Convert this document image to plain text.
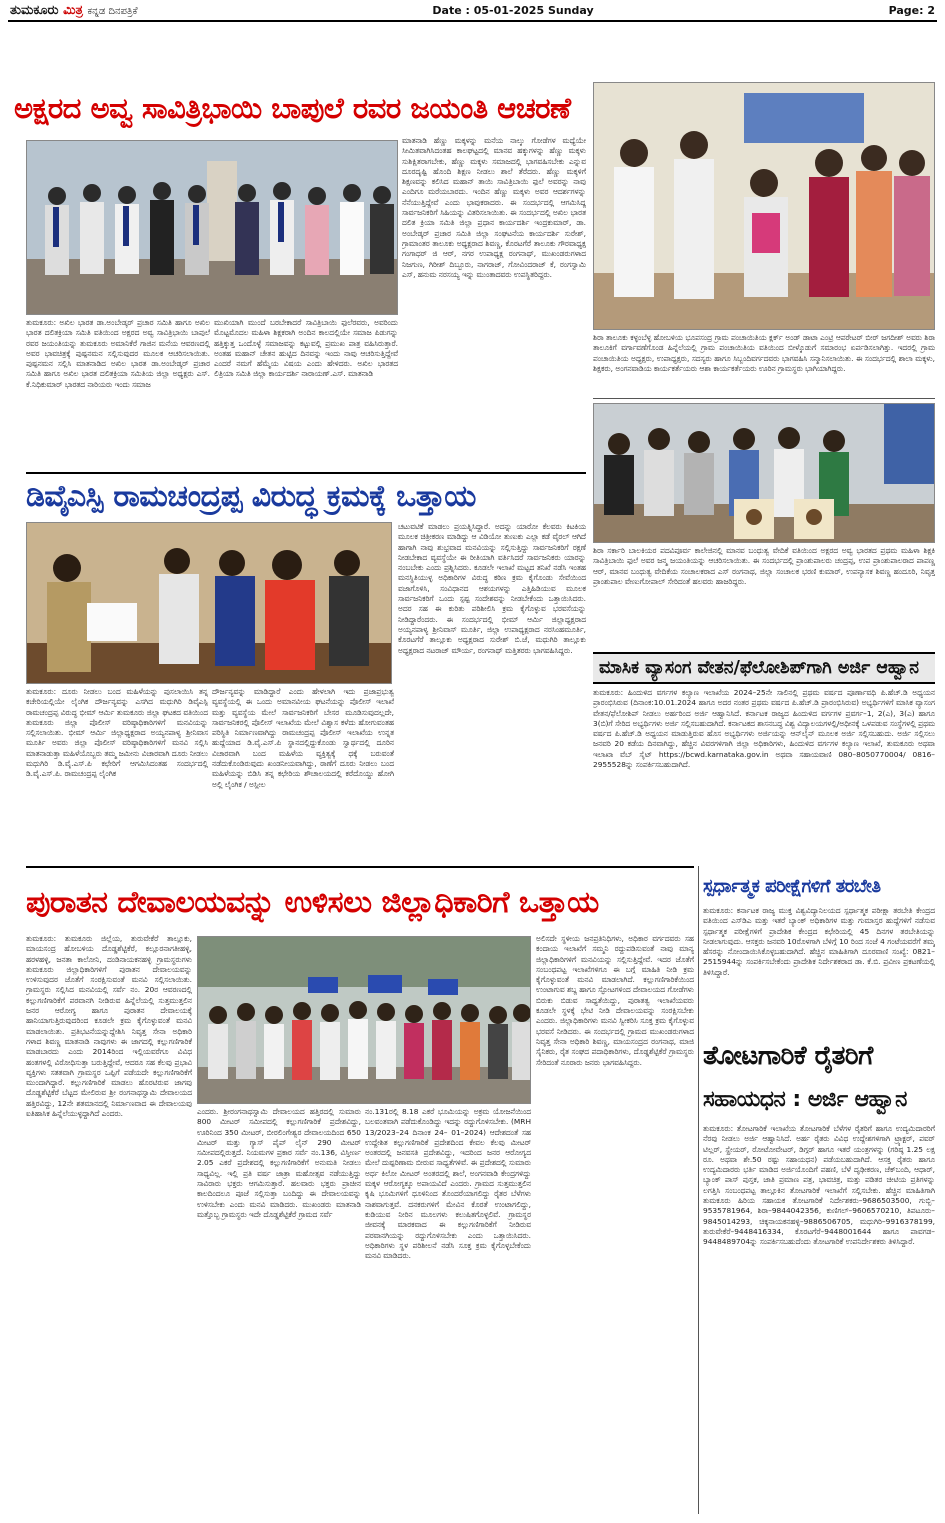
ತುಮಕೂರು ಮಿತ್ರ ಕನ್ನಡ ದಿನಪತ್ರಿಕೆ	Date : 05-01-2025 Sunday	Page: 2
ಅಕ್ಷರದ ಅವ್ವ ಸಾವಿತ್ರಿಭಾಯಿ ಬಾಪುಲೆ ರವರ ಜಯಂತಿ ಆಚರಣೆ
ತುಮಕೂರು: ಅಖಿಲ ಭಾರತ ಡಾ.ಅಂಬೇಡ್ಕರ್ ಪ್ರಚಾರ ಸಮಿತಿ ಹಾಗೂ ಅಖಿಲ ಭಾರತ ದಲಿತಕ್ರಿಯಾ ಸಮಿತಿ ವತಿಯಿಂದ ಅಕ್ಷರದ ಅವ್ವ ಸಾವಿತ್ರಿಭಾಯಿ ಬಾಪುಲೆ ರವರ ಜಯಂತಿಯನ್ನು ತುಮಕೂರು ಅಮಾನಿಕೆರೆ ಗಾಜಿನ ಮನೆಯ ಆವರಣದಲ್ಲಿ ಅವರ ಭಾವಚಿತ್ರಕ್ಕೆ ಪುಷ್ಪನಮನ ಸಲ್ಲಿಸುವುದರ ಮೂಲಕ ಆಚರಿಸಲಾಯಿತು. ಪುಷ್ಪನಮನ ಸಲ್ಲಿಸಿ ಮಾತನಾಡಿದ ಅಖಿಲ ಭಾರತ ಡಾ.ಅಂಬೇಡ್ಕರ್ ಪ್ರಚಾರ ಸಮಿತಿ ಹಾಗೂ ಅಖಿಲ ಭಾರತ ದಲಿತಕ್ರಿಯಾ ಸಮಿತಿಯ ಜಿಲ್ಲಾ ಅಧ್ಯಕ್ಷರು ಎಸ್. ಕೆ.ನಿಧಿಕುಮಾರ್ ಭಾರತದ ನಾರಿಯರು ಇಂದು ಸಮಾಜ
ಮುಖಿಯಾಗಿ ಮುಂದೆ ಬರಬೇಕಾದರೆ ಸಾವಿತ್ರಿಬಾಯಿ ಫುಲೆರವರು, ಅವರಿಂದು ಮೊಟ್ಟಮೊದಲ ಮಹಿಳಾ ಶಿಕ್ಷಕರಾಗಿ ಅಂದಿನ ಕಾಲದಲ್ಲಿಯೇ ಸಮಾಜ ಪಿಡುಗನ್ನು ಹತ್ತಿಕ್ಕುತ್ತ ಒಂದೊಳ್ಳೆ ಸಮಾಜವನ್ನು ಕಟ್ಟುವಲ್ಲಿ ಪ್ರಮುಖ ಪಾತ್ರ ವಹಿಸಿರುತ್ತಾರೆ. ಅಂತಹ ಮಹಾನ್ ಚೇತನ ಹುಟ್ಟಿದ ದಿನವನ್ನು ಇಂದು ನಾವು ಆಚರಿಸುತ್ತಿದ್ದೇವೆ ಎಂದರೆ ನಮಗೆ ಹೆಮ್ಮೆಯ ವಿಷಯ ಎಂದು ಹೇಳಿದರು. ಅಖಿಲ ಭಾರತದ ಲಿತ್ರಿಯಾ ಸಮಿತಿ ಜಿಲ್ಲಾ ಕಾರ್ಯದರ್ಶಿ ನಾರಾಯಣ್.ಎಸ್. ಮಾತನಾಡಿ
ಮಾತನಾಡಿ ಹೆಣ್ಣು ಮಕ್ಕಳನ್ನು ಮನೆಯ ನಾಲ್ಕು ಗೋಡೆಗಳ ಮಧ್ಯೆಯೇ ಸೀಮಿತವಾಗಿಸಿದಂತಹ ಕಾಲಘಟ್ಟದಲ್ಲಿ ಮಾನವ ಹಕ್ಕುಗಳನ್ನು ಹೆಣ್ಣು ಮಕ್ಕಳು ಸುಶಿಕ್ಷಿತರಾಗಬೇಕು, ಹೆಣ್ಣು ಮಕ್ಕಳು ಸಮಾಜದಲ್ಲಿ ಭಾಗವಹಿಸಬೇಕು ಎನ್ನುವ ದೂರದೃಷ್ಟಿ ಹೊಂದಿ ಶಿಕ್ಷಣ ನೀಡಲು ಶಾಲೆ ತೆರೆದರು. ಹೆಣ್ಣು ಮಕ್ಕಳಿಗೆ ಶಿಕ್ಷಣವನ್ನು ಕಲಿಸಿದ ಮಹಾನ್ ತಾಯಿ ಸಾವಿತ್ರಿಬಾಯಿ ಫುಲೆ ಅವರನ್ನು ನಾವು ಎಂದಿಗೂ ಮರೆಯಬಾರದು. ಇಂದಿನ ಹೆಣ್ಣು ಮಕ್ಕಳು ಅವರ ಆದರ್ಶಗಳನ್ನು ನೆನೆಯುತ್ತಿದ್ದೇವೆ ಎಂದು ಭಾವುಕರಾದರು. ಈ ಸಂದರ್ಭದಲ್ಲಿ ಆಗಮಿಸಿದ್ದ ಸಾರ್ವಜನಿಕರಿಗೆ ಸಿಹಿಯನ್ನು ವಿತರಿಸಲಾಯಿತು. ಈ ಸಂದರ್ಭದಲ್ಲಿ ಅಖಿಲ ಭಾರತ ದಲಿತ ಕ್ರಿಯಾ ಸಮಿತಿ ಜಿಲ್ಲಾ ಪ್ರಧಾನ ಕಾರ್ಯದರ್ಶಿ ಇಂದ್ರಕುಮಾರ್, ಡಾ. ಅಂಬೇಡ್ಕರ್ ಪ್ರಚಾರ ಸಮಿತಿ ಜಿಲ್ಲಾ ಸಂಘಟನೆಯ ಕಾರ್ಯದರ್ಶಿ ಸುರೇಶ್, ಗ್ರಾಮಾಂತರ ತಾಲೂಕು ಅಧ್ಯಕ್ಷರಾದ ಶಿವಣ್ಣ, ಕೊರಟಗೆರೆ ತಾಲೂಕು ಗೌರವಾಧ್ಯಕ್ಷ ಗಂಗಾಧರ್ ಜಿ ಆರ್, ನಗರ ಉಪಾಧ್ಯಕ್ಷ ರಂಗನಾಥ್, ಮುಖಂಡರುಗಳಾದ ನಿಜಗುಣ, ಗಿರೀಶ್ ದಿಬ್ಬೂರು, ನಾಗರಾಜ್, ಗೋವಿಂದರಾಜ್ ಕೆ, ರಂಗಸ್ವಾಮಿ ಎಸ್, ಹನುಮ ನರಸಯ್ಯ ಇನ್ನು ಮುಂತಾದವರು ಉಪಸ್ಥಿತರಿದ್ದರು.
ಶಿರಾ ತಾಲೂಕು ಕಳ್ಳಂಬೆಳ್ಳ ಹೋಬಳಿಯ ಭೂಪಸಂದ್ರ ಗ್ರಾಮ ಪಂಚಾಯಿತಿಯ ಕ್ಲರ್ಕ್ ಅಂಡ್ ಡಾಟಾ ಎಂಟ್ರಿ ಆಪರೇಟರ್ ಬೀರ್ ಜಗದೀಶ್ ಅವರು ಶಿರಾ ತಾಲೂಕಿಗೆ ವರ್ಗಾವಣೆಗೊಂಡ ಹಿನ್ನೆಲೆಯಲ್ಲಿ ಗ್ರಾಮ ಪಂಚಾಯಿತಿಯ ವತಿಯಿಂದ ಬೀಳ್ಕೊಡುಗೆ ಸಮಾರಂಭ ಏರ್ಪಡಿಸಲಾಗಿತ್ತು. ಇದರಲ್ಲಿ ಗ್ರಾಮ ಪಂಚಾಯಿತಿಯ ಅಧ್ಯಕ್ಷರು, ಉಪಾಧ್ಯಕ್ಷರು, ಸದಸ್ಯರು ಹಾಗೂ ಸಿಬ್ಬಂದಿವರ್ಗದವರು ಭಾಗವಹಿಸಿ ಸನ್ಮಾನಿಸಲಾಯಿತು. ಈ ಸಂದರ್ಭದಲ್ಲಿ ಶಾಲಾ ಮಕ್ಕಳು, ಶಿಕ್ಷಕರು, ಅಂಗನವಾಡಿಯ ಕಾರ್ಯಕರ್ತೆಯರು ಆಶಾ ಕಾರ್ಯಕರ್ತೆಯರು ಊರಿನ ಗ್ರಾಮಸ್ಥರು ಭಾಗಿಯಾಗಿದ್ದರು.
ಶಿರಾ ಸರ್ಕಾರಿ ಬಾಲಕಿಯರ ಪದವಿಪೂರ್ವ ಕಾಲೇಜಿನಲ್ಲಿ ಮಾನವ ಬಂಧುತ್ವ ವೇದಿಕೆ ವತಿಯಿಂದ ಅಕ್ಷರದ ಅವ್ವ ಭಾರತದ ಪ್ರಥಮ ಮಹಿಳಾ ಶಿಕ್ಷಕಿ ಸಾವಿತ್ರಿಬಾಯಿ ಫುಲೆ ಅವರ ಜನ್ಮ ಜಯಂತಿಯನ್ನು ಆಚರಿಸಲಾಯಿತು. ಈ ಸಂದರ್ಭದಲ್ಲಿ ಪ್ರಾಂಶುಪಾಲರು ಚಂದ್ರಪ್ಪ, ಉಪ ಪ್ರಾಂಶುಪಾಲರಾದ ಪಾಪಣ್ಣ ಆರ್, ಮಾನವ ಬಂಧುತ್ವ ವೇದಿಕೆಯ ಸಂಚಾಲಕರಾದ ಎಸ್ ರಂಗನಾಥ, ಜಿಲ್ಲಾ ಸಂಚಾಲಕ ಭರಣಿ ಕುಮಾರ್, ಉಪನ್ಯಾಸಕ ಶಿವಣ್ಣ ಹಂದೂರಿ, ನಿವೃತ್ತ ಪ್ರಾಂಶುಪಾಲ ವೇಣುಗೋಪಾಲ್ ಸೇರಿದಂತೆ ಹಲವರು ಹಾಜರಿದ್ದರು.
ಡಿವೈಎಸ್ಪಿ ರಾಮಚಂದ್ರಪ್ಪ ವಿರುದ್ಧ ಕ್ರಮಕ್ಕೆ ಒತ್ತಾಯ
ತುಮಕೂರು: ದೂರು ನೀಡಲು ಬಂದ ಮಹಿಳೆಯನ್ನು ಪುಸಲಾಯಿಸಿ ತನ್ನ ಕಚೇರಿಯಲ್ಲಿಯೇ ಲೈಂಗಿಕ ದೌರ್ಜನ್ಯವನ್ನು ಎಸಗಿದ ಮಧುಗಿರಿ ಡಿವೈಎಸ್ಪಿ ರಾಮಚಂದ್ರಪ್ಪ ವಿರುದ್ಧ ಭೀಮ್ ಆರ್ಮಿ ತುಮಕೂರು ಜಿಲ್ಲಾ ಘಟಕದ ವತಿಯಿಂದ ತುಮಕೂರು ಜಿಲ್ಲಾ ಪೊಲೀಸ್ ವರಿಷ್ಠಾಧಿಕಾರಿಗಳಿಗೆ ಮನವಿಯನ್ನು ಸಲ್ಲಿಸಲಾಯಿತು. ಭೀಮ್ ಆರ್ಮಿ ಜಿಲ್ಲಾಧ್ಯಕ್ಷರಾದ ಅಯ್ಯನಪಾಳ್ಯ ಶ್ರೀನಿವಾಸ ಮೂರ್ತಿ ಅವರು ಜಿಲ್ಲಾ ಪೊಲೀಸ್ ವರಿಷ್ಠಾಧಿಕಾರಿಗಳಿಗೆ ಮನವಿ ಸಲ್ಲಿಸಿ ಮಾತನಾಡುತ್ತಾ ಮಹಿಳೆಯೊಬ್ಬರು ತಮ್ಮ ಜಮೀನು ವಿಚಾರವಾಗಿ ದೂರು ನೀಡಲು ಮಧುಗಿರಿ ಡಿ.ವೈ.ಎಸ್.ಪಿ ಕಛೇರಿಗೆ ಆಗಮಿಸಿದಂತಹ ಸಂದರ್ಭದಲ್ಲಿ ಡಿ.ವೈ.ಎಸ್.ಪಿ. ರಾಮಚಂದ್ರಪ್ಪ ಲೈಂಗಿಕ
ದೌರ್ಜನ್ಯವನ್ನು ಮಾಡಿದ್ದಾರೆ ಎಂದು ಹೇಳಲಾಗಿ ಇದು ಪ್ರಜಾಪ್ರಭುತ್ವ ವ್ಯವಸ್ಥೆಯಲ್ಲಿ ಈ ಒಂದು ಅಮಾನವೀಯ ಘಟನೆಯನ್ನು ಪೊಲೀಸ್ ಇಲಾಖೆ ಮತ್ತು ವ್ಯವಸ್ಥೆಯ ಮೇಲೆ ಸಾರ್ವಜನಿಕರಿಗೆ ಬೇಸರ ಮೂಡಿಸುವುದಲ್ಲದೇ, ಸಾರ್ವಜನಿಕರಲ್ಲಿ ಪೊಲೀಸ್ ಇಲಾಖೆಯ ಮೇಲೆ ವಿಶ್ವಾಸ ಕಳೆದು ಹೋಗುವಂತಹ ಪರಿಸ್ಥಿತಿ ನಿರ್ಮಾಣವಾಗಿದ್ದು ರಾಮಚಂದ್ರಪ್ಪ ಪೊಲೀಸ್ ಇಲಾಖೆಯ ಉನ್ನತ ಹುದ್ದೆಯಾದ ಡಿ.ವೈ.ಎಸ್.ಪಿ ಸ್ಥಾನದಲ್ಲಿದ್ದುಕೊಂಡು ಸ್ವಾರ್ಥದಲ್ಲಿ ದೂರಿನ ವಿಚಾರವಾಗಿ ಬಂದ ಮಹಿಳೆಯ ವ್ಯಕ್ತಿತ್ವಕ್ಕೆ ಧಕ್ಕೆ ಬರುವಂತೆ ನಡೆದುಕೊಂಡಿರುವುದು ಖಂಡನೀಯವಾಗಿದ್ದು, ಠಾಣೆಗೆ ದೂರು ನೀಡಲು ಬಂದ ಮಹಿಳೆಯನ್ನು ಬಿಡಿಸಿ ತನ್ನ ಕಛೇರಿಯ ಶೌಚಾಲಯದಲ್ಲಿ ಕರೆದೊಯ್ದು ಹೋಗಿ ಅಲ್ಲಿ ಲೈಂಗಿಕ / ಅಸ್ಲೀಲ
ಚಟುವಟಿಕೆ ಮಾಡಲು ಪ್ರಯತ್ನಿಸಿದ್ದಾರೆ. ಅದನ್ನು ಯಾರೋ ಕೆಲವರು ಕಿಟಕಿಯ ಮೂಲಕ ಚಿತ್ರೀಕರಣ ಮಾಡಿದ್ದು ಆ ವಿಡಿಯೋ ತುಣುಕು ಎಲ್ಲಾ ಕಡೆ ವೈರಲ್ ಆಗಿದೆ ಹಾಗಾಗಿ ನಾವು ಶುಭ್ರವಾದ ಮನವಿಯನ್ನು ಸಲ್ಲಿಸುತ್ತಿದ್ದು ಸಾರ್ವಜನಿಕರಿಗೆ ರಕ್ಷಣೆ ನೀಡಬೇಕಾದ ವ್ಯವಸ್ಥೆಯೇ ಈ ರೀತಿಯಾಗಿ ವರ್ತಿಸಿದರೆ ಸಾರ್ವಜನಿಕರು ಯಾರನ್ನು ನಂಬಬೇಕು ಎಂದು ಪ್ರಶ್ನಿಸಿದರು. ಕೂಡಲೇ ಇಲಾಖೆ ಮಟ್ಟದ ತನಿಖೆ ನಡೆಸಿ ಇಂತಹ ಮನಸ್ಥಿತಿಯುಳ್ಳ ಅಧಿಕಾರಿಗಳ ವಿರುದ್ಧ ಕಠಿಣ ಕ್ರಮ ಕೈಗೊಂಡು ಸೇವೆಯಿಂದ ವಜಾಗೊಳಿಸಿ, ಸಂವಿಧಾನದ ಆಶಯಗಳನ್ನು ಎತ್ತಿಹಿಡಿಯುವ ಮೂಲಕ ಸಾರ್ವಜನಿಕರಿಗೆ ಒಂದು ಸ್ಪಷ್ಟ ಸಂದೇಶವನ್ನು ನೀಡಬೇಕೆಂದು ಒತ್ತಾಯಿಸಿದರು. ಅದರ ಸಹ ಈ ಕುರಿತು ಪರಿಶೀಲಿಸಿ ಕ್ರಮ ಕೈಗೊಳ್ಳುವ ಭರವಸೆಯನ್ನು ನೀಡಿದ್ದಾರೆಂದರು. ಈ ಸಂದರ್ಭದಲ್ಲಿ ಭೀಮ್ ಆರ್ಮಿ ಜಿಲ್ಲಾಧ್ಯಕ್ಷರಾದ ಅಯ್ಯನಪಾಳ್ಯ ಶ್ರೀನಿವಾಸ್ ಮೂರ್ತಿ, ಜಿಲ್ಲಾ ಉಪಾಧ್ಯಕ್ಷರಾದ ನರಸಿಂಹಮೂರ್ತಿ, ಕೊರಟಗೆರೆ ತಾಲ್ಲೂಕು ಅಧ್ಯಕ್ಷರಾದ ಸುರೇಶ್ ಬಿ.ಜೆ, ಮಧುಗಿರಿ ತಾಲ್ಲೂಕು ಅಧ್ಯಕ್ಷರಾದ ನಟರಾಜ್ ಮೌರ್ಯ, ರಂಗನಾಥ್ ಮತ್ತಿತರರು ಭಾಗವಹಿಸಿದ್ದರು.
ಮಾಸಿಕ ವ್ಯಾಸಂಗ ವೇತನ/ಫೆಲೋಶಿಪ್‌ಗಾಗಿ ಅರ್ಜಿ ಆಹ್ವಾನ
ತುಮಕೂರು: ಹಿಂದುಳಿದ ವರ್ಗಗಳ ಕಲ್ಯಾಣ ಇಲಾಖೆಯ 2024–25ನೇ ಸಾಲಿನಲ್ಲಿ ಪ್ರಥಮ ವರ್ಷದ ಪೂರ್ಣಾವಧಿ ಪಿ.ಹೆಚ್.ಡಿ ಅಧ್ಯಯನ ಪ್ರಾರಂಭಿಸಿರುವ (ದಿನಾಂಕ:10.01.2024 ಹಾಗೂ ಅದರ ನಂತರ ಪ್ರಥಮ ವರ್ಷದ ಪಿ.ಹೆಚ್.ಡಿ ಪ್ರಾರಂಭಿಸಿರುವ) ಅಭ್ಯರ್ಥಿಗಳಿಗೆ ಮಾಸಿಕ ವ್ಯಾಸಂಗ ವೇತನ/ಫೆಲೋಶಿಪ್ ನೀಡಲು ಅರ್ಹರಿಂದ ಅರ್ಜಿ ಆಹ್ವಾನಿಸಿದೆ. ಕರ್ನಾಟಕ ರಾಜ್ಯದ ಹಿಂದುಳಿದ ವರ್ಗಗಳ ಪ್ರವರ್ಗ–1, 2(ಎ), 3(ಎ) ಹಾಗೂ 3(ಬಿ)ಗೆ ಸೇರಿದ ಅಭ್ಯರ್ಥಿಗಳು ಅರ್ಜಿ ಸಲ್ಲಿಸಬಹುದಾಗಿದೆ. ಕರ್ನಾಟಕದ ಶಾಸನಬದ್ಧ ವಿಶ್ವ ವಿದ್ಯಾಲಯಗಳಲ್ಲಿ/ಅಧೀನಕ್ಕೆ ಒಳಪಡುವ ಸಂಸ್ಥೆಗಳಲ್ಲಿ ಪ್ರಥಮ ವರ್ಷದ ಪಿ.ಹೆಚ್.ಡಿ ಅಧ್ಯಯನ ಮಾಡುತ್ತಿರುವ ಹೊಸ ಅಭ್ಯರ್ಥಿಗಳು ಅರ್ಜಿಯನ್ನು ಆನ್‌ಲೈನ್ ಮೂಲಕ ಅರ್ಜಿ ಸಲ್ಲಿಸಬಹುದು. ಅರ್ಜಿ ಸಲ್ಲಿಸಲು ಜನವರಿ 20 ಕಡೆಯ ದಿನವಾಗಿದ್ದು, ಹೆಚ್ಚಿನ ವಿವರಗಳಿಗಾಗಿ ಜಿಲ್ಲಾ ಅಧಿಕಾರಿಗಳು, ಹಿಂದುಳಿದ ವರ್ಗಗಳ ಕಲ್ಯಾಣ ಇಲಾಖೆ, ತುಮಕೂರು ಅಥವಾ ಇಲಾಖಾ ವೆಬ್ ಸೈಟ್ https://bcwd.karnataka.gov.in ಅಥವಾ ಸಹಾಯವಾಣಿ 080–8050770004/ 0816–2955528ನ್ನು ಸಂಪರ್ಕಿಸಬಹುದಾಗಿದೆ.
ಪುರಾತನ ದೇವಾಲಯವನ್ನು ಉಳಿಸಲು ಜಿಲ್ಲಾಧಿಕಾರಿಗೆ ಒತ್ತಾಯ
ತುಮಕೂರು: ತುಮಕೂರು ಜಿಲ್ಲೆಯ, ತುರುವೇಕೆರೆ ತಾಲ್ಲೂಕು, ಮಾಯಸಂದ್ರ ಹೋಬಳಿಯ ದೊಡ್ಡಶೆಟ್ಟಿಕೆರೆ, ಕಲ್ಲೂರನಾಗತೀಹಳ್ಳಿ, ಹರಳಹಳ್ಳಿ, ಜನತಾ ಕಾಲೋನಿ, ದಂಡಿನಾಯಕನಹಳ್ಳಿ ಗ್ರಾಮಸ್ಥರುಗಳು ತುಮಕೂರು ಜಿಲ್ಲಾಧಿಕಾರಿಗಳಿಗೆ ಪುರಾತನ ದೇವಾಲಯವನ್ನು ಉಳಿಸುವುದರ ಜೊತೆಗೆ ಸಂರಕ್ಷಿಸುವಂತೆ ಮನವಿ ಸಲ್ಲಿಸಲಾಯಿತು. ಗ್ರಾಮಸ್ಥರು ಸಲ್ಲಿಸಿದ ಮನವಿಯಲ್ಲಿ ಸರ್ವೆ ನಂ. 20ರ ಆವರಣದಲ್ಲಿ ಕಲ್ಲುಗಣಿಗಾರಿಕೆಗೆ ಪರವಾನಗಿ ನೀಡಿರುವ ಹಿನ್ನೆಲೆಯಲ್ಲಿ ಸುತ್ತಮುತ್ತಲಿನ ಜನರ ಆರೋಗ್ಯ ಹಾಗೂ ಪುರಾತನ ದೇವಾಲಯಕ್ಕೆ ಹಾನಿಯಾಗುತ್ತಿರುವುದರಿಂದ ಕೂಡಲೇ ಕ್ರಮ ಕೈಗೊಳ್ಳುವಂತೆ ಮನವಿ ಮಾಡಲಾಯಿತು. ಪ್ರತಿಭಟನೆಯನ್ನುದ್ದೇಶಿಸಿ ನಿವೃತ್ತ ಸೇನಾ ಅಧಿಕಾರಿ ಗಳಾದ ಶಿವಣ್ಣ ಮಾತನಾಡಿ ನಾವುಗಳು ಈ ಜಾಗದಲ್ಲಿ ಕಲ್ಲುಗಣಿಗಾರಿಕೆ ಮಾಡಬಾರದು ಎಂದು 2014ರಿಂದ ಇಲ್ಲಿಯವರೆಗೂ ವಿವಿಧ ಹಂತಗಳಲ್ಲಿ ವಿರೋಧಿಸುತ್ತಾ ಬರುತ್ತಿದ್ದೇವೆ, ಆದರೂ ಸಹ ಕೆಲವು ಪ್ರಭಾವಿ ವ್ಯಕ್ತಿಗಳು ಸತತವಾಗಿ ಗ್ರಾಮಸ್ಥರ ಒಪ್ಪಿಗೆ ಪಡೆಯದೇ ಕಲ್ಲುಗಣಿಗಾರಿಕೆಗೆ ಮುಂದಾಗಿದ್ದಾರೆ. ಕಲ್ಲುಗಣಿಗಾರಿಕೆ ಮಾಡಲು ಹೊರಟಿರುವ ಜಾಗವು ದೊಡ್ಡಶೆಟ್ಟಿಕೆರೆ ಬೆಟ್ಟದ ಮೇಲಿರುವ ಶ್ರೀ ರಂಗನಾಥಸ್ವಾಮಿ ದೇವಾಲಯದ ಹತ್ತಿರವಿದ್ದು, 12ನೇ ಶತಮಾನದಲ್ಲಿ ನಿರ್ಮಾಣವಾದ ಈ ದೇವಾಲಯವು ಐತಿಹಾಸಿಕ ಹಿನ್ನೆಲೆಯುಳ್ಳದ್ದಾಗಿದೆ ಎಂದರು.	ಎಂದರು. ಶ್ರೀರಂಗನಾಥಸ್ವಾಮಿ ದೇವಾಲಯದ ಹತ್ತಿರದಲ್ಲಿ ಸುಮಾರು 800 ಮೀಟರ್ ಸಮೀಪದಲ್ಲಿ ಕಲ್ಲುಗಣಿಗಾರಿಕೆ ಪ್ರದೇಶವಿದ್ದು, ಊರಿನಿಂದ 350 ಮೀಟರ್, ಬೀರಲಿಂಗೇಶ್ವರ ದೇವಾಲಯದಿಂದ 650 ಮೀಟರ್ ಮತ್ತು ಗ್ಯಾಸ್ ಪೈಪ್ ಲೈನ್ 290 ಮೀಟರ್ ಸಮೀಪದಲ್ಲಿರುತ್ತದೆ. ನಿಯಮಗಳ ಪ್ರಕಾರ ಸರ್ವೆ ನಂ.136, ವಿಸ್ತೀರ್ಣ 2.05 ಎಕರೆ ಪ್ರದೇಶದಲ್ಲಿ ಕಲ್ಲುಗಣಿಗಾರಿಕೆಗೆ ಅನುಮತಿ ನೀಡಲು ಸಾಧ್ಯವಿಲ್ಲ. ಇಲ್ಲಿ ಪ್ರತಿ ವರ್ಷ ಜಾತ್ರಾ ಮಹೋತ್ಸವ ನಡೆಯುತ್ತಿದ್ದು ಸಾವಿರಾರು ಭಕ್ತರು ಆಗಮಿಸುತ್ತಾರೆ. ಹಲವಾರು ಭಕ್ತರು ಪ್ರಾಚೀನ ಕಾಲದಿಂದಲೂ ಪೂಜೆ ಸಲ್ಲಿಸುತ್ತಾ ಬಂದಿದ್ದು ಈ ದೇವಾಲಯವನ್ನು ಉಳಿಸಬೇಕು ಎಂದು ಮನವಿ ಮಾಡಿದರು. ಮುಖಂಡರು ಮಾತನಾಡಿ ಮತ್ತೊಬ್ಬ ಗ್ರಾಮಸ್ಥರು ಇದೇ ದೊಡ್ಡಶೆಟ್ಟಿಕೆರೆ ಗ್ರಾಮದ ಸರ್ವೆ
ನಂ.131ರಲ್ಲಿ 8.18 ಎಕರೆ ಭೂಮಿಯನ್ನು ಅಕ್ರಮ ಯೋಜನೆಯಿಂದ ಬಲವಂತವಾಗಿ ಪಡೆದುಕೊಂಡಿದ್ದು ಇದನ್ನು ರದ್ದುಗೊಳಿಸಬೇಕು. (MRH 13/2023–24 ದಿನಾಂಕ 24– 01–2024) ಆದೇಶದಂತೆ ಸಹ ಉದ್ದೇಶಿತ ಕಲ್ಲುಗಣಿಗಾರಿಕೆ ಪ್ರದೇಶದಿಂದ ಕೇವಲ ಕೆಲವು ಮೀಟರ್ ಅಂತರದಲ್ಲಿ ಜನವಸತಿ ಪ್ರದೇಶವಿದ್ದು, ಇದರಿಂದ ಜನರ ಆರೋಗ್ಯದ ಮೇಲೆ ದುಷ್ಪರಿಣಾಮ ಬೀರುವ ಸಾಧ್ಯತೆಗಳಿವೆ. ಈ ಪ್ರದೇಶದಲ್ಲಿ ಸುಮಾರು ಅರ್ಧ ಕಿಲೋ ಮೀಟರ್ ಅಂತರದಲ್ಲಿ ಶಾಲೆ, ಅಂಗನವಾಡಿ ಕೇಂದ್ರಗಳಿದ್ದು ಮಕ್ಕಳ ಆರೋಗ್ಯಕ್ಕೂ ಅಪಾಯವಿದೆ ಎಂದರು. ಗ್ರಾಮದ ಸುತ್ತಮುತ್ತಲಿನ ಕೃಷಿ ಭೂಮಿಗಳಿಗೆ ಧೂಳಿನಿಂದ ತೊಂದರೆಯಾಗಲಿದ್ದು ರೈತರ ಬೆಳೆಗಳು ನಾಶವಾಗುತ್ತವೆ. ದನಕರುಗಳಿಗೆ ಮೇವಿನ ಕೊರತೆ ಉಂಟಾಗಲಿದ್ದು, ಕುಡಿಯುವ ನೀರಿನ ಮೂಲಗಳು ಕಲುಷಿತಗೊಳ್ಳಲಿವೆ. ಗ್ರಾಮಸ್ಥರ ಜೀವನಕ್ಕೆ ಮಾರಕವಾದ ಈ ಕಲ್ಲುಗಣಿಗಾರಿಕೆಗೆ ನೀಡಿರುವ ಪರವಾನಗಿಯನ್ನು ರದ್ದುಗೊಳಿಸಬೇಕು ಎಂದು ಒತ್ತಾಯಿಸಿದರು. ಅಧಿಕಾರಿಗಳು ಸ್ಥಳ ಪರಿಶೀಲನೆ ನಡೆಸಿ ಸೂಕ್ತ ಕ್ರಮ ಕೈಗೊಳ್ಳಬೇಕೆಂದು ಮನವಿ ಮಾಡಿದರು.
ಅಲಿಸದೇ ಸ್ಥಳೀಯ ಜನಪ್ರತಿನಿಧಿಗಳು, ಅಧಿಕಾರ ವರ್ಗದವರು ಸಹ ಕಂದಾಯ ಇಲಾಖೆಗೆ ಸಮ್ಮನಿ ರದ್ದುಪಡಿಸುವಂತೆ ನಾವು ಮಾನ್ಯ ಜಿಲ್ಲಾಧಿಕಾರಿಗಳಿಗೆ ಮನವಿಯನ್ನು ಸಲ್ಲಿಸುತ್ತಿದ್ದೇವೆ. ಇದರ ಜೊತೆಗೆ ಸಂಬಂಧಪಟ್ಟ ಇಲಾಖೆಗಳಿಗೂ ಈ ಬಗ್ಗೆ ಮಾಹಿತಿ ನೀಡಿ ಕ್ರಮ ಕೈಗೊಳ್ಳುವಂತೆ ಮನವಿ ಮಾಡಲಾಗಿದೆ. ಕಲ್ಲುಗಣಿಗಾರಿಕೆಯಿಂದ ಉಂಟಾಗುವ ಶಬ್ದ ಹಾಗೂ ಸ್ಫೋಟಗಳಿಂದ ದೇವಾಲಯದ ಗೋಡೆಗಳು ಬಿರುಕು ಬಿಡುವ ಸಾಧ್ಯತೆಯಿದ್ದು, ಪುರಾತತ್ವ ಇಲಾಖೆಯವರು ಕೂಡಲೇ ಸ್ಥಳಕ್ಕೆ ಭೇಟಿ ನೀಡಿ ದೇವಾಲಯವನ್ನು ಸಂರಕ್ಷಿಸಬೇಕು ಎಂದರು. ಜಿಲ್ಲಾಧಿಕಾರಿಗಳು ಮನವಿ ಸ್ವೀಕರಿಸಿ ಸೂಕ್ತ ಕ್ರಮ ಕೈಗೊಳ್ಳುವ ಭರವಸೆ ನೀಡಿದರು. ಈ ಸಂದರ್ಭದಲ್ಲಿ ಗ್ರಾಮದ ಮುಖಂಡರುಗಳಾದ ನಿವೃತ್ತ ಸೇನಾ ಅಧಿಕಾರಿ ಶಿವಣ್ಣ, ಮಾಯಸಂದ್ರದ ರಂಗನಾಥ, ಮಾಜಿ ಸೈನಿಕರು, ರೈತ ಸಂಘದ ಪದಾಧಿಕಾರಿಗಳು, ದೊಡ್ಡಶೆಟ್ಟಿಕೆರೆ ಗ್ರಾಮಸ್ಥರು ಸೇರಿದಂತೆ ನೂರಾರು ಜನರು ಭಾಗವಹಿಸಿದ್ದರು.
ಸ್ಪರ್ಧಾತ್ಮಕ ಪರೀಕ್ಷೆಗಳಿಗೆ ತರಬೇತಿ
ತುಮಕೂರು: ಕರ್ನಾಟಕ ರಾಜ್ಯ ಮುಕ್ತ ವಿಶ್ವವಿದ್ಯಾನಿಲಯದ ಸ್ಪರ್ಧಾತ್ಮಕ ಪರೀಕ್ಷಾ ತರಬೇತಿ ಕೇಂದ್ರದ ವತಿಯಿಂದ ಎಸ್‌ಡಿಎ ಮತ್ತು ಇತರೆ ಬ್ಯಾಂಕ್ ಅಧಿಕಾರಿಗಳ ಮತ್ತು ಗುಮಾಸ್ತರ ಹುದ್ದೆಗಳಿಗೆ ನಡೆಸುವ ಸ್ಪರ್ಧಾತ್ಮಕ ಪರೀಕ್ಷೆಗಳಿಗೆ ಪ್ರಾದೇಶಿಕ ಕೇಂದ್ರದ ಕಛೇರಿಯಲ್ಲಿ 45 ದಿನಗಳ ತರಬೇತಿಯನ್ನು ನೀಡಲಾಗುವುದು. ಆಸಕ್ತರು ಜನವರಿ 10ರೊಳಗಾಗಿ ಬೆಳಿಗ್ಗೆ 10 ರಿಂದ ಸಂಜೆ 4 ಗಂಟೆಯವರೆಗೆ ತಮ್ಮ ಹೆಸರನ್ನು ನೋಂದಾಯಿಸಿಕೊಳ್ಳಬಹುದಾಗಿದೆ. ಹೆಚ್ಚಿನ ಮಾಹಿತಿಗಾಗಿ ದೂರವಾಣಿ ಸಂಖ್ಯೆ: 0821–2515944ನ್ನು ಸಂಪರ್ಕಿಸಬೇಕೆಂದು ಪ್ರಾದೇಶಿಕ ನಿರ್ದೇಶಕರಾದ ಡಾ. ಕೆ.ಬಿ. ಪ್ರವೀಣ ಪ್ರಕಟಣೆಯಲ್ಲಿ ತಿಳಿಸಿದ್ದಾರೆ.
ತೋಟಗಾರಿಕೆ ರೈತರಿಗೆ
ಸಹಾಯಧನ : ಅರ್ಜಿ ಆಹ್ವಾನ
ತುಮಕೂರು: ತೋಟಗಾರಿಕೆ ಇಲಾಖೆಯ ತೋಟಗಾರಿಕೆ ಬೆಳೆಗಳ ರೈತರಿಗೆ ಹಾಗೂ ಉದ್ಯಮಿದಾರರಿಗೆ ನೆರವು ನೀಡಲು ಅರ್ಜಿ ಆಹ್ವಾನಿಸಿದೆ. ಅರ್ಹ ರೈತರು ವಿವಿಧ ಉದ್ದೇಶಗಳಿಗಾಗಿ ಟ್ರ್ಯಾಕ್ಟರ್, ಪವರ್ ಟಿಲ್ಲರ್, ಸ್ಪ್ರೇಯರ್, ರೋಟೋವೇಟರ್, ಡಿಗ್ಗರ್ ಹಾಗೂ ಇತರೆ ಯಂತ್ರಗಳನ್ನು (ಗರಿಷ್ಠ 1.25 ಲಕ್ಷ ರೂ. ಅಥವಾ ಶೇ.50 ರಷ್ಟು ಸಹಾಯಧನ) ಪಡೆಯಬಹುದಾಗಿದೆ. ಆಸಕ್ತ ರೈತರು ಹಾಗೂ ಉದ್ಯಮಿದಾರರು ಭರ್ತಿ ಮಾಡಿದ ಅರ್ಜಿಯೊಂದಿಗೆ ಪಹಣಿ, ಬೆಳೆ ದೃಢೀಕರಣ, ಚೆಕ್‌ಬಂದಿ, ಆಧಾರ್, ಬ್ಯಾಂಕ್ ಪಾಸ್ ಪುಸ್ತಕ, ಜಾತಿ ಪ್ರಮಾಣ ಪತ್ರ, ಭಾವಚಿತ್ರ, ಮತ್ತು ಪಡಿತರ ಚೀಟಿಯ ಪ್ರತಿಗಳನ್ನು ಲಗತ್ತಿಸಿ ಸಂಬಂಧಪಟ್ಟ ತಾಲ್ಲೂಕಿನ ತೋಟಗಾರಿಕೆ ಇಲಾಖೆಗೆ ಸಲ್ಲಿಸಬೇಕು. ಹೆಚ್ಚಿನ ಮಾಹಿತಿಗಾಗಿ ತುಮಕೂರು ಹಿರಿಯ ಸಹಾಯಕ ತೋಟಗಾರಿಕೆ ನಿರ್ದೇಶಕರು–9686503500, ಗುಬ್ಬಿ–9535781964, ಶಿರಾ–9844042356, ಕುಣಿಗಲ್–9606570210, ತಿಪಟೂರು–9845014293, ಚಿಕ್ಕನಾಯಕನಹಳ್ಳಿ–9886506705, ಮಧುಗಿರಿ–9916378199, ತುರುವೇಕೆರೆ–9448416334, ಕೊರಟಗೆರೆ–9448001644 ಹಾಗೂ ಪಾವಗಡ–9448489704ನ್ನು ಸಂಪರ್ಕಿಸಬಹುದೆಂದು ತೋಟಗಾರಿಕೆ ಉಪನಿರ್ದೇಶಕರು ತಿಳಿಸಿದ್ದಾರೆ.
